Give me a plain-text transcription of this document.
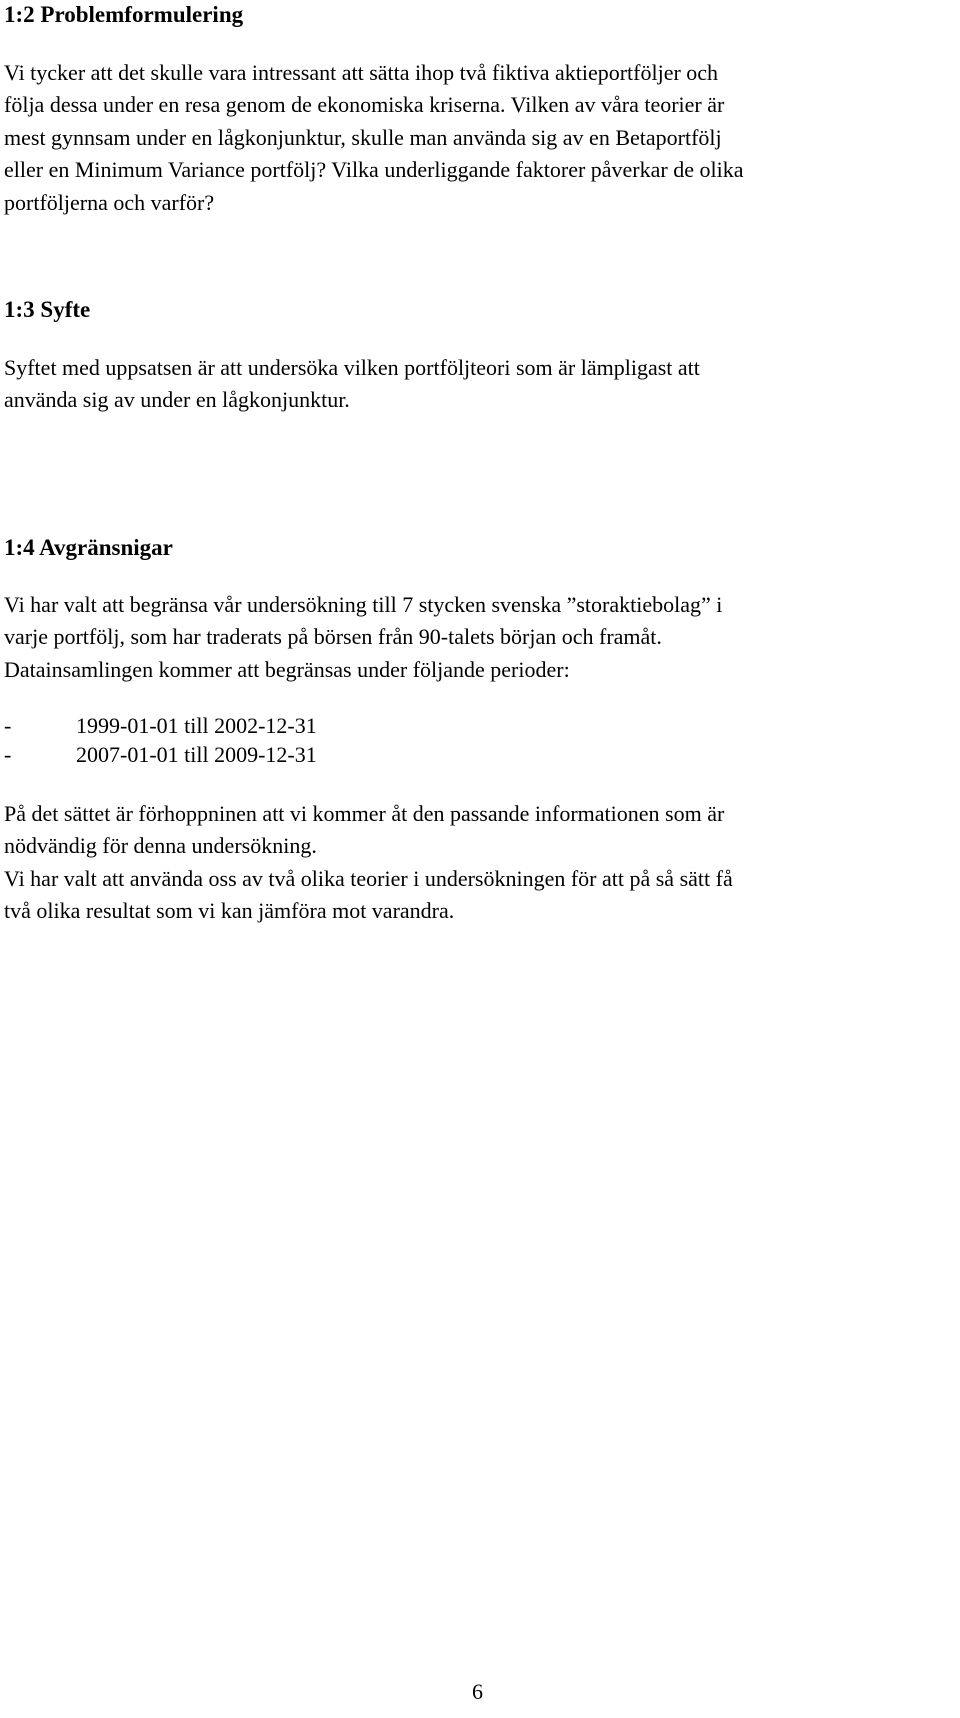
1:2 Problemformulering

Vi tycker att det skulle vara intressant att sätta ihop två fiktiva aktieportföljer och
följa dessa under en resa genom de ekonomiska kriserna. Vilken av våra teorier är
mest gynnsam under en lågkonjunktur, skulle man använda sig av en Betaportfölj
eller en Minimum Variance portfölj? Vilka underliggande faktorer påverkar de olika
portföljerna och varför?

1:3 Syfte

Syftet med uppsatsen är att undersöka vilken portföljteori som är lämpligast att
använda sig av under en lågkonjunktur.

1:4 Avgränsnigar

Vi har valt att begränsa vår undersökning till 7 stycken svenska ”storaktiebolag” i
varje portfölj, som har traderats på börsen från 90-talets början och framåt.
Datainsamlingen kommer att begränsas under följande perioder:

-	1999-01-01 till 2002-12-31
-	2007-01-01 till 2009-12-31

På det sättet är förhoppninen att vi kommer åt den passande informationen som är
nödvändig för denna undersökning.
Vi har valt att använda oss av två olika teorier i undersökningen för att på så sätt få
två olika resultat som vi kan jämföra mot varandra.

6
